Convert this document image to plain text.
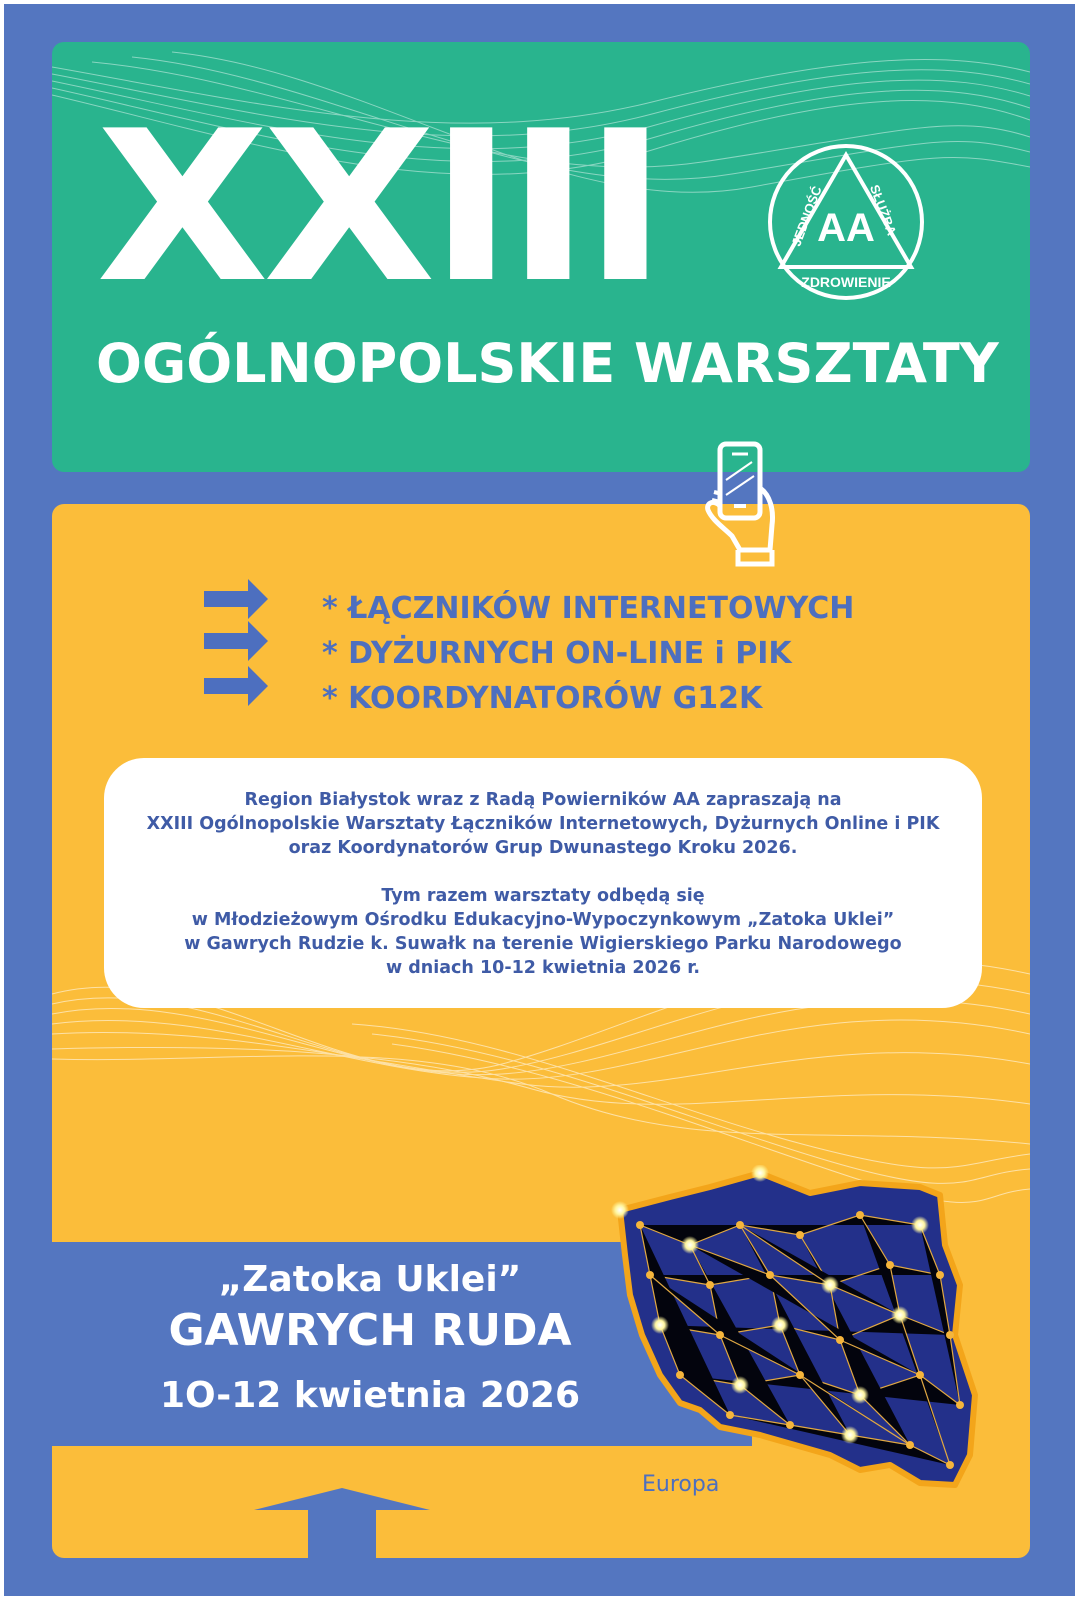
XXIII
OGÓLNOPOLSKIE WARSZTATY
AA
JEDNOŚĆ	SŁUŻBA
ZDROWIENIE
* ŁĄCZNIKÓW INTERNETOWYCH
* DYŻURNYCH ON-LINE i PIK
* KOORDYNATORÓW G12K

Region Białystok wraz z Radą Powierników AA zapraszają na
XXIII Ogólnopolskie Warsztaty Łączników Internetowych, Dyżurnych Online i PIK
oraz Koordynatorów Grup Dwunastego Kroku 2026.

Tym razem warsztaty odbędą się
w Młodzieżowym Ośrodku Edukacyjno-Wypoczynkowym „Zatoka Uklei”
w Gawrych Rudzie k. Suwałk na terenie Wigierskiego Parku Narodowego
w dniach 10-12 kwietnia 2026 r.

„Zatoka Uklei”
GAWRYCH RUDA
1O-12 kwietnia 2026

Europa
